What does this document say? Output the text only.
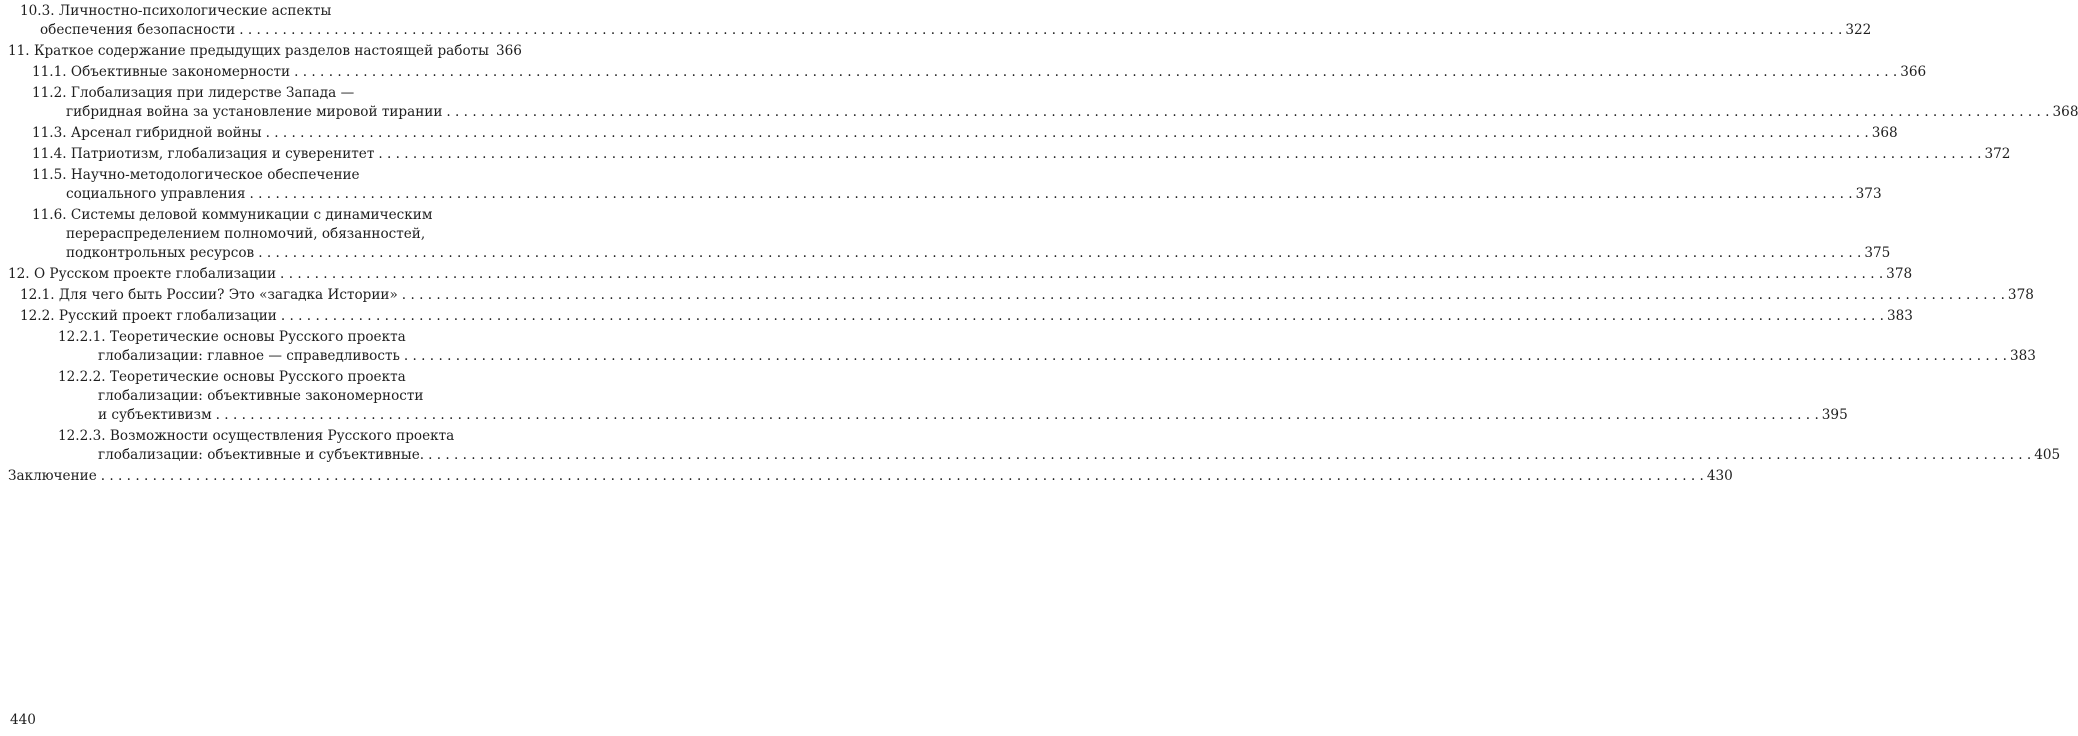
10.3. Личностно-психологические аспекты
обеспечения безопасности . . .	322
11. Краткое содержание предыдущих разделов настоящей работы 366
11.1. Объективные закономерности . . .	366
11.2. Глобализация при лидерстве Запада —
гибридная война за установление мировой тирании . . .	368
11.3. Арсенал гибридной войны . . .	368
11.4. Патриотизм, глобализация и суверенитет . . .	372
11.5. Научно-методологическое обеспечение
социального управления . . .	373
11.6. Системы деловой коммуникации с динамическим
перераспределением полномочий, обязанностей,
подконтрольных ресурсов . . .	375
12. О Русском проекте глобализации . . .	378
12.1. Для чего быть России? Это «загадка Истории» . . .	378
12.2. Русский проект глобализации . . .	383
12.2.1. Теоретические основы Русского проекта
глобализации: главное — справедливость . . .	383
12.2.2. Теоретические основы Русского проекта
глобализации: объективные закономерности
и субъективизм . . .	395
12.2.3. Возможности осуществления Русского проекта
глобализации: объективные и субъективные. . . .	405
Заключение . . .	430
440
